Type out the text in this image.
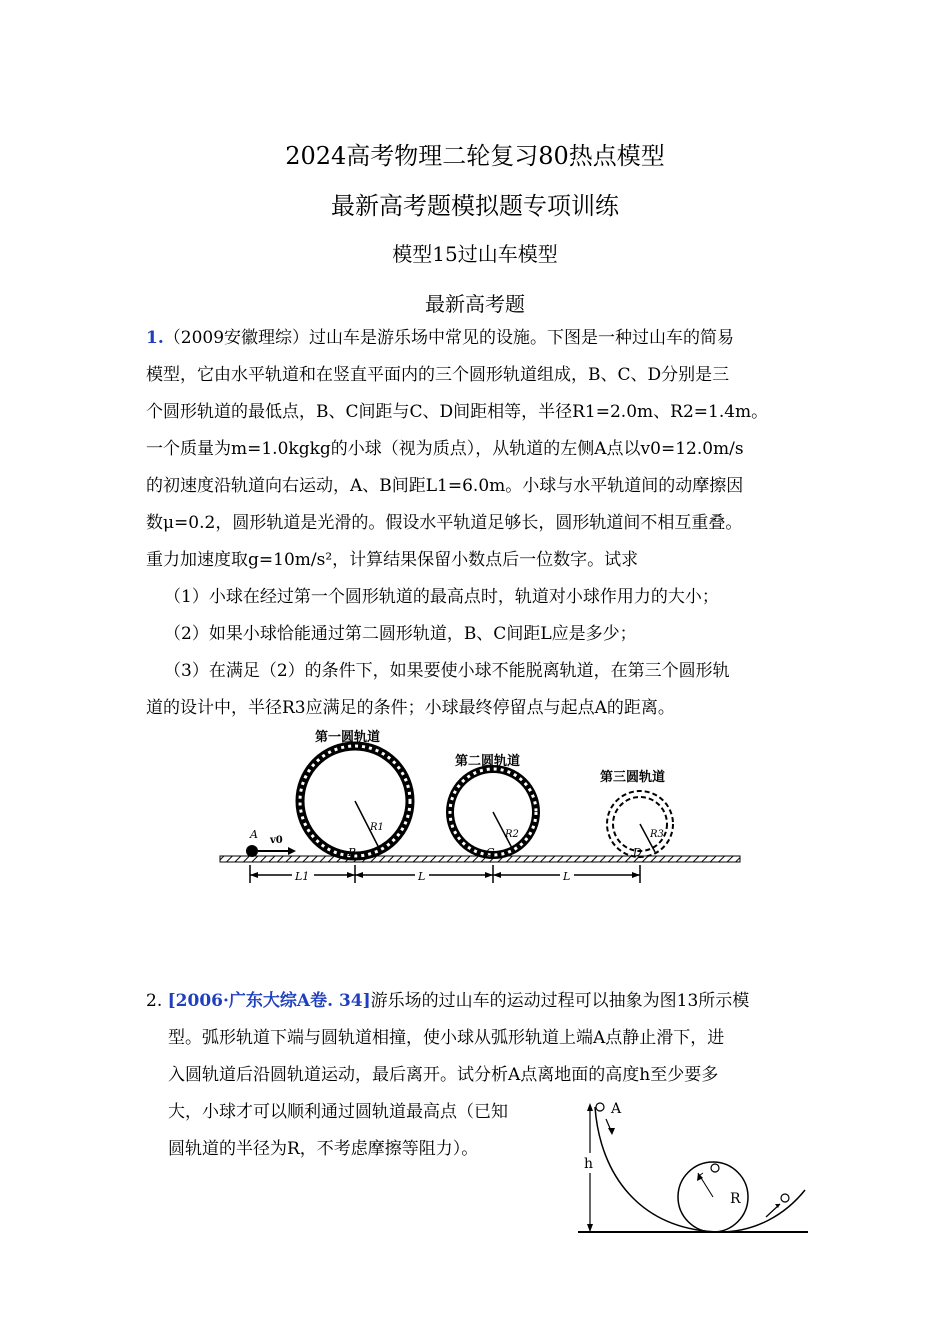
2024高考物理二轮复习80热点模型
最新高考题模拟题专项训练
模型15过山车模型
最新高考题
1.（2009安徽理综）过山车是游乐场中常见的设施。下图是一种过山车的简易
模型，它由水平轨道和在竖直平面内的三个圆形轨道组成，B、C、D分别是三
个圆形轨道的最低点，B、C间距与C、D间距相等，半径R1=2.0m、R2=1.4m。
一个质量为m=1.0kgkg的小球（视为质点），从轨道的左侧A点以v0=12.0m/s
的初速度沿轨道向右运动，A、B间距L1=6.0m。小球与水平轨道间的动摩擦因
数μ=0.2，圆形轨道是光滑的。假设水平轨道足够长，圆形轨道间不相互重叠。
重力加速度取g=10m/s²，计算结果保留小数点后一位数字。试求
（1）小球在经过第一个圆形轨道的最高点时，轨道对小球作用力的大小；
（2）如果小球恰能通过第二圆形轨道，B、C间距L应是多少；
（3）在满足（2）的条件下，如果要使小球不能脱离轨道，在第三个圆形轨
道的设计中，半径R3应满足的条件；小球最终停留点与起点A的距离。
第一圆轨道
R1
第二圆轨道
R2
第三圆轨道
R3
A v0
B	C	D
L1	L	L
2. [2006·广东大综A卷. 34]游乐场的过山车的运动过程可以抽象为图13所示模
型。弧形轨道下端与圆轨道相撞，使小球从弧形轨道上端A点静止滑下，进
入圆轨道后沿圆轨道运动，最后离开。试分析A点离地面的高度h至少要多
大，小球才可以顺利通过圆轨道最高点（已知
圆轨道的半径为R，不考虑摩擦等阻力）。
R
A
h
